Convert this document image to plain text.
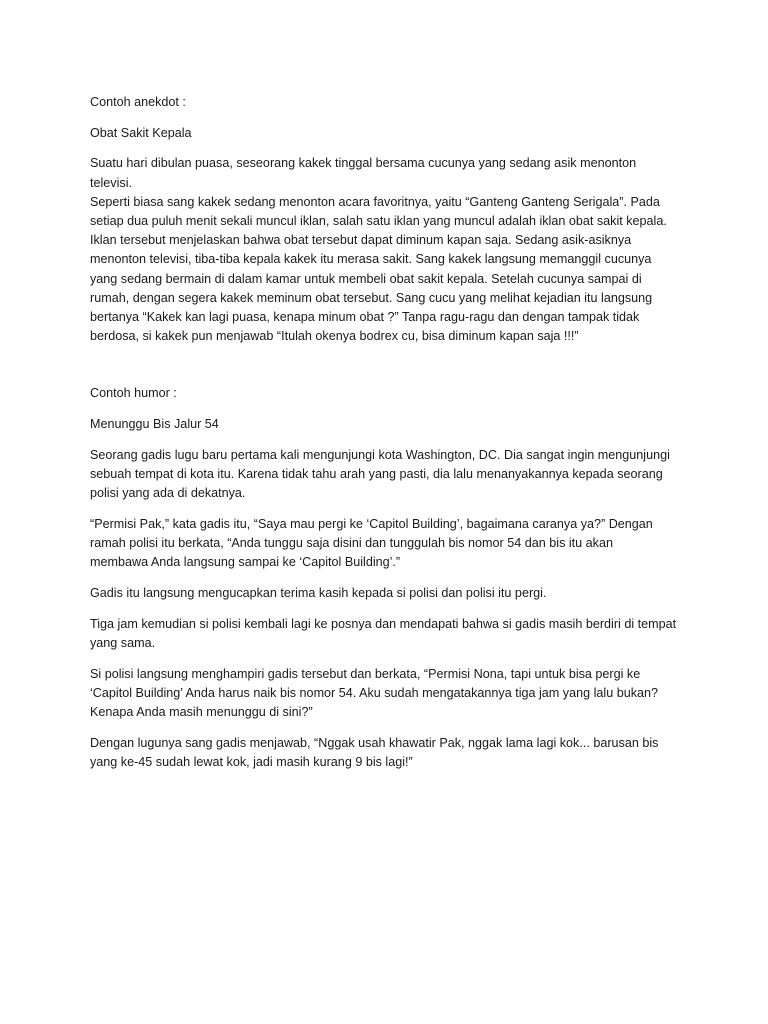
Contoh anekdot :

Obat Sakit Kepala

Suatu hari dibulan puasa, seseorang kakek tinggal bersama cucunya yang sedang asik menonton televisi.
Seperti biasa sang kakek sedang menonton acara favoritnya, yaitu “Ganteng Ganteng Serigala”. Pada
setiap dua puluh menit sekali muncul iklan, salah satu iklan yang muncul adalah iklan obat sakit kepala.
Iklan tersebut menjelaskan bahwa obat tersebut dapat diminum kapan saja. Sedang asik-asiknya
menonton televisi, tiba-tiba kepala kakek itu merasa sakit. Sang kakek langsung memanggil cucunya
yang sedang bermain di dalam kamar untuk membeli obat sakit kepala. Setelah cucunya sampai di
rumah, dengan segera kakek meminum obat tersebut. Sang cucu yang melihat kejadian itu langsung
bertanya “Kakek kan lagi puasa, kenapa minum obat ?” Tanpa ragu-ragu dan dengan tampak tidak
berdosa, si kakek pun menjawab “Itulah okenya bodrex cu, bisa diminum kapan saja !!!”

Contoh humor :

Menunggu Bis Jalur 54

Seorang gadis lugu baru pertama kali mengunjungi kota Washington, DC. Dia sangat ingin mengunjungi
sebuah tempat di kota itu. Karena tidak tahu arah yang pasti, dia lalu menanyakannya kepada seorang
polisi yang ada di dekatnya.

“Permisi Pak,” kata gadis itu, “Saya mau pergi ke ‘Capitol Building’, bagaimana caranya ya?” Dengan
ramah polisi itu berkata, “Anda tunggu saja disini dan tunggulah bis nomor 54 dan bis itu akan
membawa Anda langsung sampai ke ‘Capitol Building’.”

Gadis itu langsung mengucapkan terima kasih kepada si polisi dan polisi itu pergi.

Tiga jam kemudian si polisi kembali lagi ke posnya dan mendapati bahwa si gadis masih berdiri di tempat
yang sama.

Si polisi langsung menghampiri gadis tersebut dan berkata, “Permisi Nona, tapi untuk bisa pergi ke
‘Capitol Building’ Anda harus naik bis nomor 54. Aku sudah mengatakannya tiga jam yang lalu bukan?
Kenapa Anda masih menunggu di sini?”

Dengan lugunya sang gadis menjawab, “Nggak usah khawatir Pak, nggak lama lagi kok... barusan bis
yang ke-45 sudah lewat kok, jadi masih kurang 9 bis lagi!”
